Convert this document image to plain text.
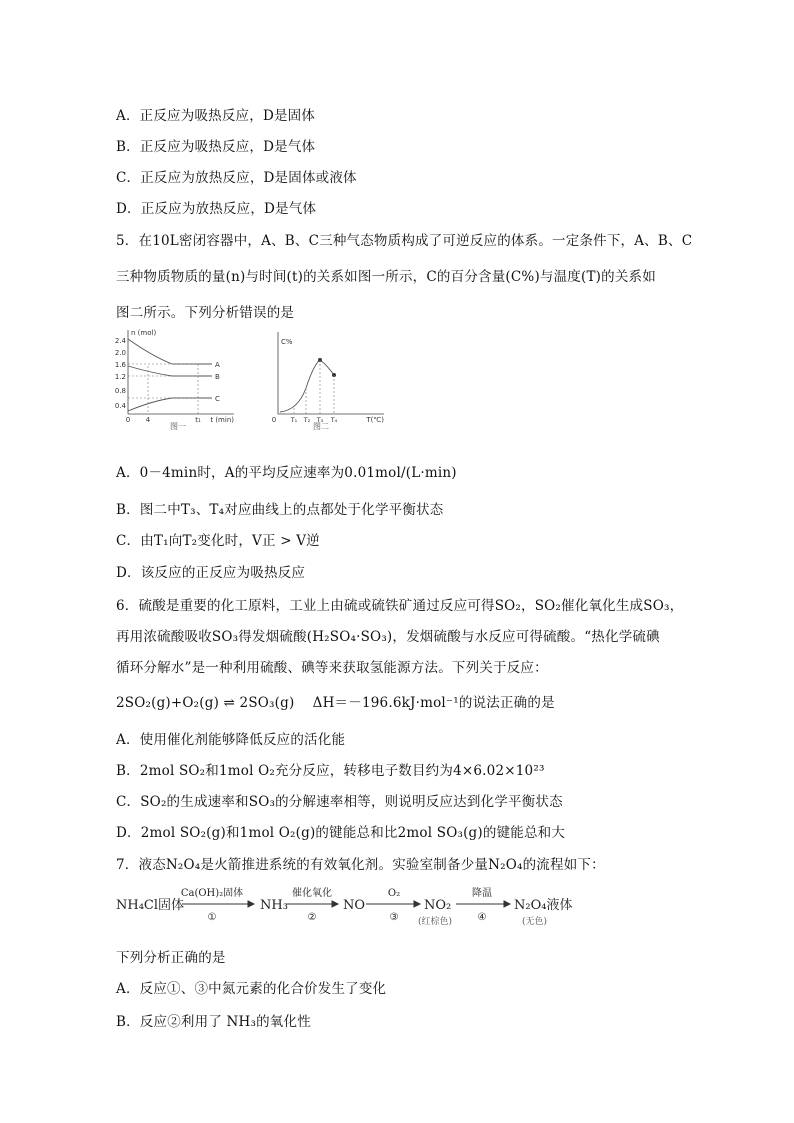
A．正反应为吸热反应，D是固体
B．正反应为吸热反应，D是气体
C．正反应为放热反应，D是固体或液体
D．正反应为放热反应，D是气体
5．在10L密闭容器中，A、B、C三种气态物质构成了可逆反应的体系。一定条件下，A、B、C
三种物质物质的量(n)与时间(t)的关系如图一所示，C的百分含量(C%)与温度(T)的关系如
图二所示。下列分析错误的是
n (mol)
2.4
2.0
1.6
1.2
0.8
0.4
0 4	t₁ t (min)
A
B
C
图一
C%
0 T₁ T₂ T₃ T₄	T(℃)
图二
A．0－4min时，A的平均反应速率为0.01mol/(L·min)
B．图二中T₃、T₄对应曲线上的点都处于化学平衡状态
C．由T₁向T₂变化时，V正 > V逆
D．该反应的正反应为吸热反应
6．硫酸是重要的化工原料，工业上由硫或硫铁矿通过反应可得SO₂，SO₂催化氧化生成SO₃，
再用浓硫酸吸收SO₃得发烟硫酸(H₂SO₄·SO₃)，发烟硫酸与水反应可得硫酸。“热化学硫碘
循环分解水”是一种利用硫酸、碘等来获取氢能源方法。下列关于反应：
2SO₂(g)+O₂(g) ⇌ 2SO₃(g)　 ΔH＝－196.6kJ·mol⁻¹的说法正确的是
A．使用催化剂能够降低反应的活化能
B．2mol SO₂和1mol O₂充分反应，转移电子数目约为4×6.02×10²³
C．SO₂的生成速率和SO₃的分解速率相等，则说明反应达到化学平衡状态
D．2mol SO₂(g)和1mol O₂(g)的键能总和比2mol SO₃(g)的键能总和大
7．液态N₂O₄是火箭推进系统的有效氧化剂。实验室制备少量N₂O₄的流程如下：
NH₄Cl固体
Ca(OH)₂固体
①
NH₃
催化氧化
②
NO
O₂
③
NO₂
(红棕色)
降温
④
N₂O₄液体
(无色)
下列分析正确的是
A．反应①、③中氮元素的化合价发生了变化
B．反应②利用了 NH₃的氧化性
